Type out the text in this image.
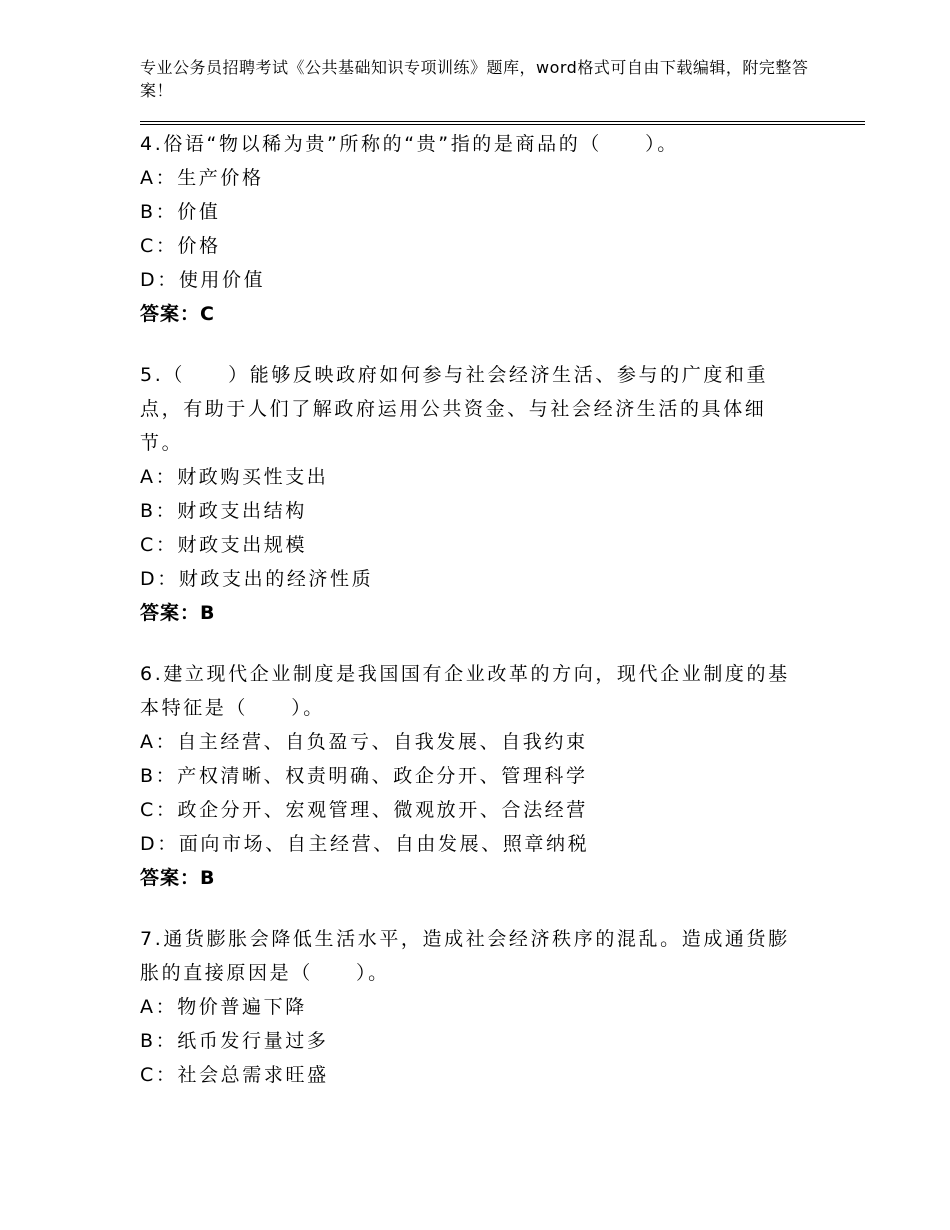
专业公务员招聘考试《公共基础知识专项训练》题库，word格式可自由下载编辑，附完整答案！
4.俗语“物以稀为贵”所称的“贵”指的是商品的（　　）。
A：生产价格
B：价值
C：价格
D：使用价值
答案：C
5.（　　）能够反映政府如何参与社会经济生活、参与的广度和重点，有助于人们了解政府运用公共资金、与社会经济生活的具体细节。
A：财政购买性支出
B：财政支出结构
C：财政支出规模
D：财政支出的经济性质
答案：B
6.建立现代企业制度是我国国有企业改革的方向，现代企业制度的基本特征是（　　）。
A：自主经营、自负盈亏、自我发展、自我约束
B：产权清晰、权责明确、政企分开、管理科学
C：政企分开、宏观管理、微观放开、合法经营
D：面向市场、自主经营、自由发展、照章纳税
答案：B
7.通货膨胀会降低生活水平，造成社会经济秩序的混乱。造成通货膨胀的直接原因是（　　）。
A：物价普遍下降
B：纸币发行量过多
C：社会总需求旺盛
